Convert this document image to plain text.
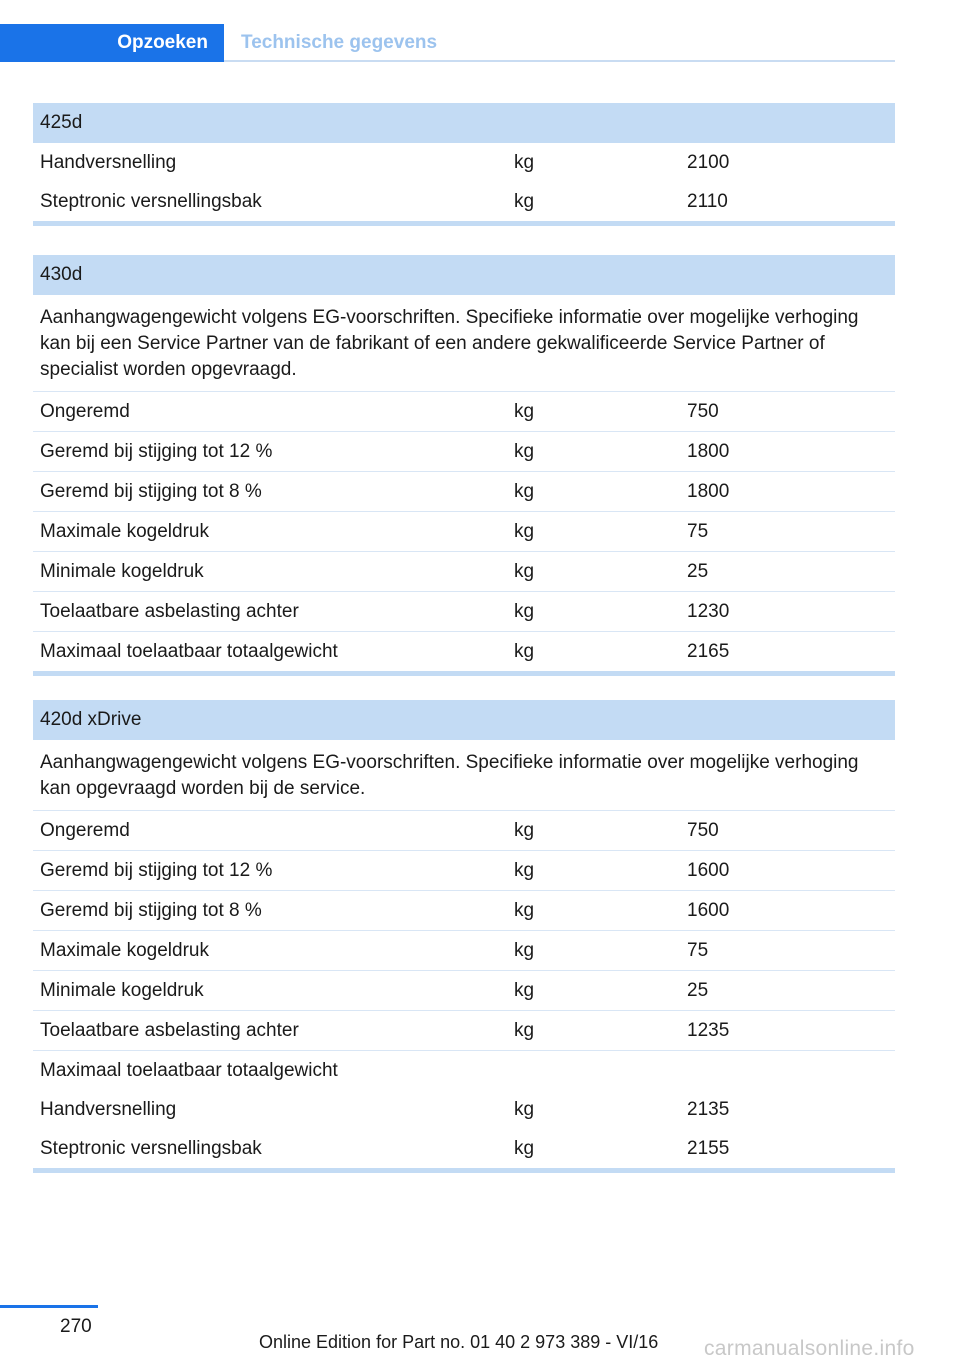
Opzoeken	Technische gegevens
425d
Handversnelling	kg	2100
Steptronic versnellingsbak	kg	2110
430d
Aanhangwagengewicht volgens EG-voorschriften. Specifieke informatie over mogelijke verhoging kan bij een Service Partner van de fabrikant of een andere gekwalificeerde Service Partner of specialist worden opgevraagd.
Ongeremd	kg	750
Geremd bij stijging tot 12 %	kg	1800
Geremd bij stijging tot 8 %	kg	1800
Maximale kogeldruk	kg	75
Minimale kogeldruk	kg	25
Toelaatbare asbelasting achter	kg	1230
Maximaal toelaatbaar totaalgewicht	kg	2165
420d xDrive
Aanhangwagengewicht volgens EG-voorschriften. Specifieke informatie over mogelijke verhoging kan opgevraagd worden bij de service.
Ongeremd	kg	750
Geremd bij stijging tot 12 %	kg	1600
Geremd bij stijging tot 8 %	kg	1600
Maximale kogeldruk	kg	75
Minimale kogeldruk	kg	25
Toelaatbare asbelasting achter	kg	1235
Maximaal toelaatbaar totaalgewicht
Handversnelling	kg	2135
Steptronic versnellingsbak	kg	2155
270
Online Edition for Part no. 01 40 2 973 389 - VI/16 carmanualsonline.info
